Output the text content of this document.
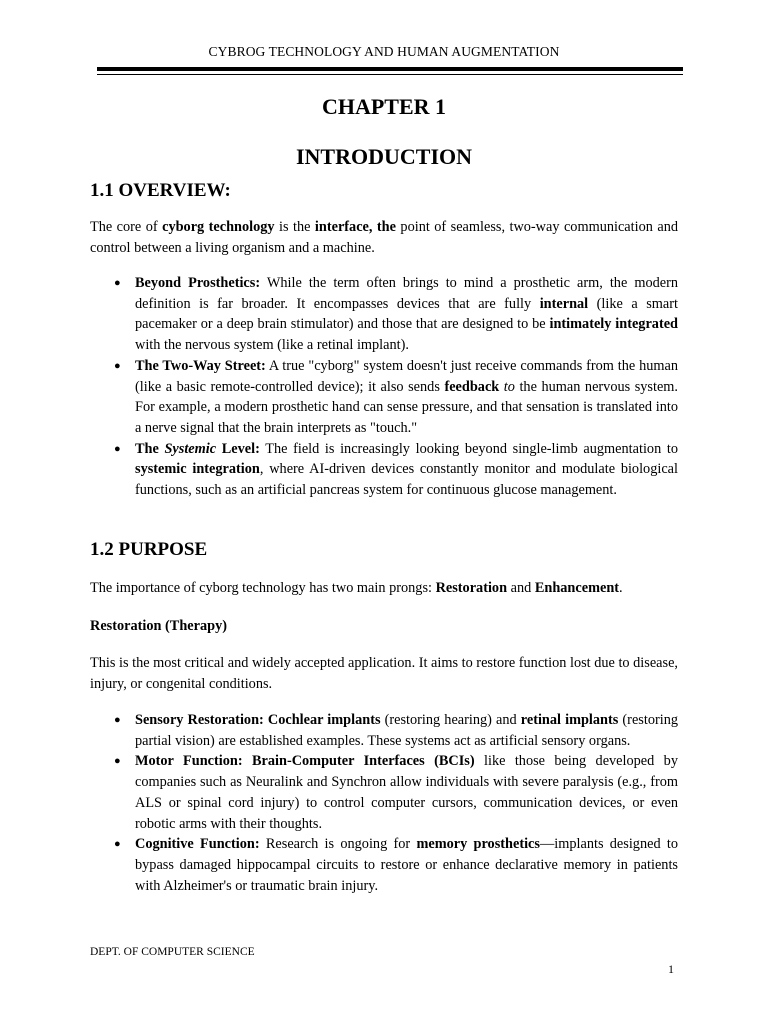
CYBROG TECHNOLOGY AND HUMAN AUGMENTATION
CHAPTER 1
INTRODUCTION
1.1 OVERVIEW:
The core of cyborg technology is the interface, the point of seamless, two-way communication and control between a living organism and a machine.
● Beyond Prosthetics: While the term often brings to mind a prosthetic arm, the modern definition is far broader. It encompasses devices that are fully internal (like a smart pacemaker or a deep brain stimulator) and those that are designed to be intimately integrated with the nervous system (like a retinal implant).
● The Two-Way Street: A true "cyborg" system doesn't just receive commands from the human (like a basic remote-controlled device); it also sends feedback to the human nervous system. For example, a modern prosthetic hand can sense pressure, and that sensation is translated into a nerve signal that the brain interprets as "touch."
● The Systemic Level: The field is increasingly looking beyond single-limb augmentation to systemic integration, where AI-driven devices constantly monitor and modulate biological functions, such as an artificial pancreas system for continuous glucose management.
1.2 PURPOSE
The importance of cyborg technology has two main prongs: Restoration and Enhancement.
Restoration (Therapy)
This is the most critical and widely accepted application. It aims to restore function lost due to disease, injury, or congenital conditions.
● Sensory Restoration: Cochlear implants (restoring hearing) and retinal implants (restoring partial vision) are established examples. These systems act as artificial sensory organs.
● Motor Function: Brain-Computer Interfaces (BCIs) like those being developed by companies such as Neuralink and Synchron allow individuals with severe paralysis (e.g., from ALS or spinal cord injury) to control computer cursors, communication devices, or even robotic arms with their thoughts.
● Cognitive Function: Research is ongoing for memory prosthetics—implants designed to bypass damaged hippocampal circuits to restore or enhance declarative memory in patients with Alzheimer's or traumatic brain injury.
DEPT. OF COMPUTER SCIENCE
1
